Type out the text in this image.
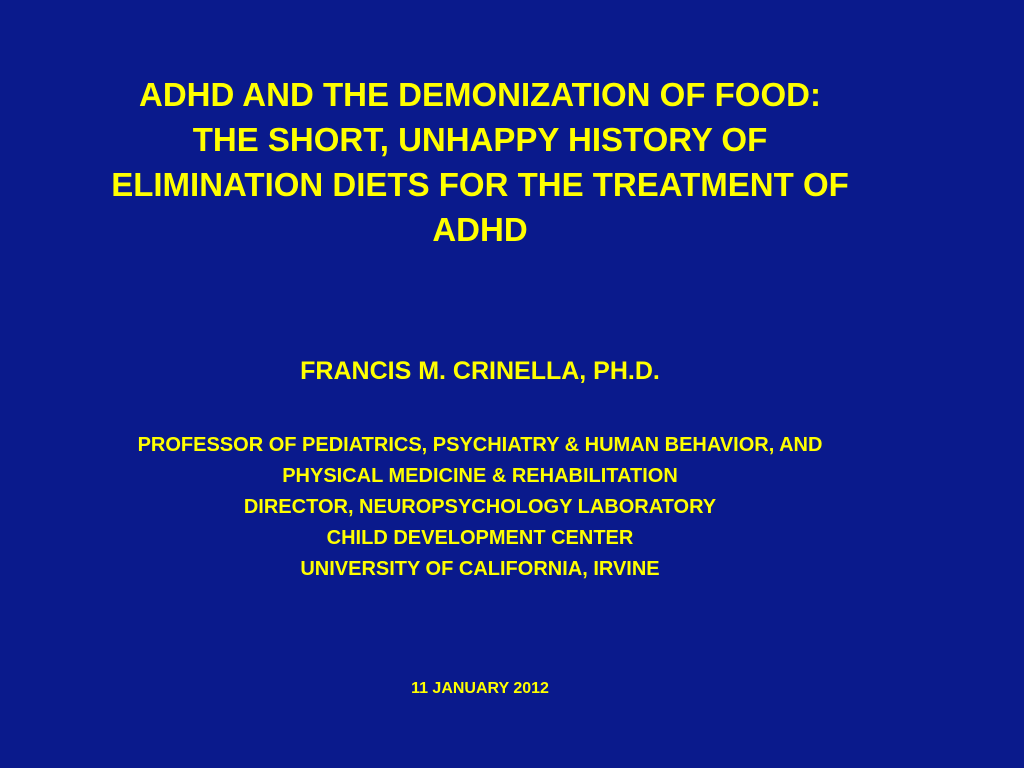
ADHD AND THE DEMONIZATION OF FOOD:
THE SHORT, UNHAPPY HISTORY OF
ELIMINATION DIETS FOR THE TREATMENT OF
ADHD
FRANCIS M. CRINELLA, PH.D.
PROFESSOR OF PEDIATRICS, PSYCHIATRY & HUMAN BEHAVIOR, AND
PHYSICAL MEDICINE & REHABILITATION
DIRECTOR, NEUROPSYCHOLOGY LABORATORY
CHILD DEVELOPMENT CENTER
UNIVERSITY OF CALIFORNIA, IRVINE
11 JANUARY 2012
